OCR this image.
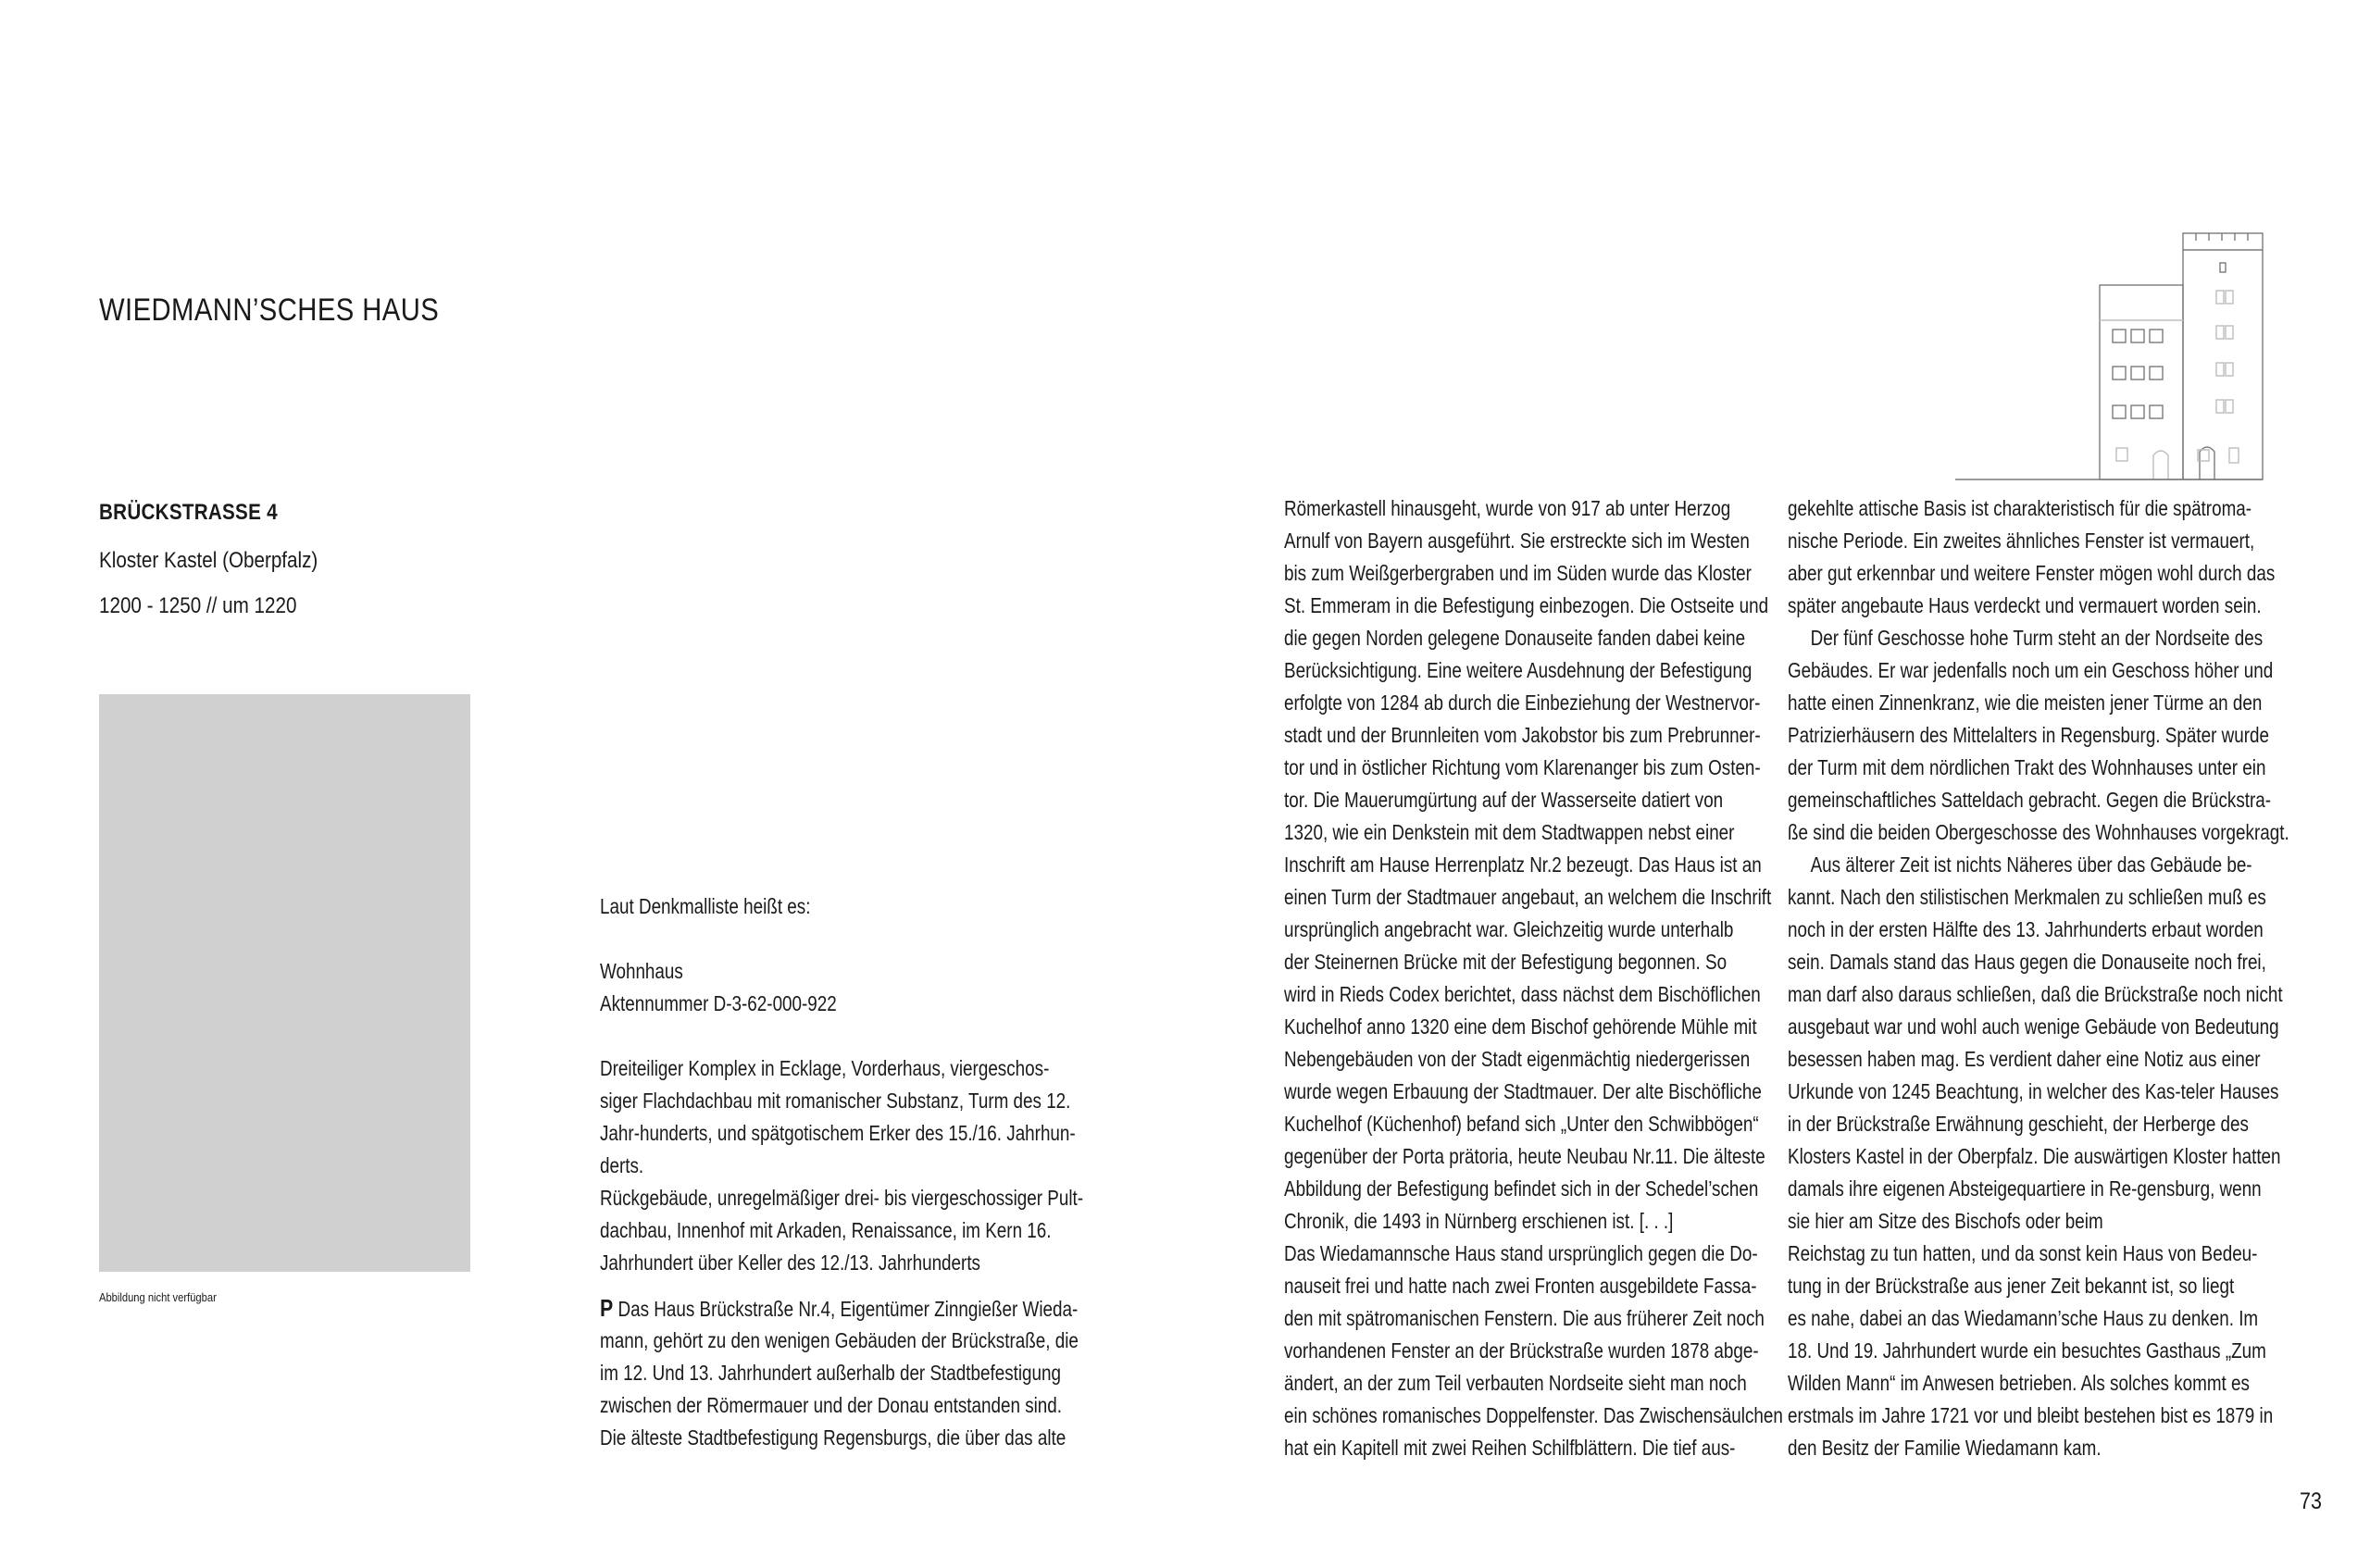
WIEDMANN’SCHES HAUS
BRÜCKSTRASSE 4
Kloster Kastel (Oberpfalz)
1200 - 1250 // um 1220
Abbildung nicht verfügbar
Laut Denkmalliste heißt es:
Wohnhaus
Aktennummer D-3-62-000-922
Dreiteiliger Komplex in Ecklage, Vorderhaus, viergeschos-
siger Flachdachbau mit romanischer Substanz, Turm des 12.
Jahr-hunderts, und spätgotischem Erker des 15./16. Jahrhun-
derts.
Rückgebäude, unregelmäßiger drei- bis viergeschossiger Pult-
dachbau, Innenhof mit Arkaden, Renaissance, im Kern 16.
Jahrhundert über Keller des 12./13. Jahrhunderts
P Das Haus Brückstraße Nr.4, Eigentümer Zinngießer Wieda-
mann, gehört zu den wenigen Gebäuden der Brückstraße, die
im 12. Und 13. Jahrhundert außerhalb der Stadtbefestigung
zwischen der Römermauer und der Donau entstanden sind.
Die älteste Stadtbefestigung Regensburgs, die über das alte
Römerkastell hinausgeht, wurde von 917 ab unter Herzog
Arnulf von Bayern ausgeführt. Sie erstreckte sich im Westen
bis zum Weißgerbergraben und im Süden wurde das Kloster
St. Emmeram in die Befestigung einbezogen. Die Ostseite und
die gegen Norden gelegene Donauseite fanden dabei keine
Berücksichtigung. Eine weitere Ausdehnung der Befestigung
erfolgte von 1284 ab durch die Einbeziehung der Westnervor-
stadt und der Brunnleiten vom Jakobstor bis zum Prebrunner-
tor und in östlicher Richtung vom Klarenanger bis zum Osten-
tor. Die Mauerumgürtung auf der Wasserseite datiert von
1320, wie ein Denkstein mit dem Stadtwappen nebst einer
Inschrift am Hause Herrenplatz Nr.2 bezeugt. Das Haus ist an
einen Turm der Stadtmauer angebaut, an welchem die Inschrift
ursprünglich angebracht war. Gleichzeitig wurde unterhalb
der Steinernen Brücke mit der Befestigung begonnen. So
wird in Rieds Codex berichtet, dass nächst dem Bischöflichen
Kuchelhof anno 1320 eine dem Bischof gehörende Mühle mit
Nebengebäuden von der Stadt eigenmächtig niedergerissen
wurde wegen Erbauung der Stadtmauer. Der alte Bischöfliche
Kuchelhof (Küchenhof) befand sich „Unter den Schwibbögen“
gegenüber der Porta prätoria, heute Neubau Nr.11. Die älteste
Abbildung der Befestigung befindet sich in der Schedel’schen
Chronik, die 1493 in Nürnberg erschienen ist. [. . .]
Das Wiedamannsche Haus stand ursprünglich gegen die Do-
nauseit frei und hatte nach zwei Fronten ausgebildete Fassa-
den mit spätromanischen Fenstern. Die aus früherer Zeit noch
vorhandenen Fenster an der Brückstraße wurden 1878 abge-
ändert, an der zum Teil verbauten Nordseite sieht man noch
ein schönes romanisches Doppelfenster. Das Zwischensäulchen
hat ein Kapitell mit zwei Reihen Schilfblättern. Die tief aus-
gekehlte attische Basis ist charakteristisch für die spätroma-
nische Periode. Ein zweites ähnliches Fenster ist vermauert,
aber gut erkennbar und weitere Fenster mögen wohl durch das
später angebaute Haus verdeckt und vermauert worden sein.
Der fünf Geschosse hohe Turm steht an der Nordseite des
Gebäudes. Er war jedenfalls noch um ein Geschoss höher und
hatte einen Zinnenkranz, wie die meisten jener Türme an den
Patrizierhäusern des Mittelalters in Regensburg. Später wurde
der Turm mit dem nördlichen Trakt des Wohnhauses unter ein
gemeinschaftliches Satteldach gebracht. Gegen die Brückstra-
ße sind die beiden Obergeschosse des Wohnhauses vorgekragt.
Aus älterer Zeit ist nichts Näheres über das Gebäude be-
kannt. Nach den stilistischen Merkmalen zu schließen muß es
noch in der ersten Hälfte des 13. Jahrhunderts erbaut worden
sein. Damals stand das Haus gegen die Donauseite noch frei,
man darf also daraus schließen, daß die Brückstraße noch nicht
ausgebaut war und wohl auch wenige Gebäude von Bedeutung
besessen haben mag. Es verdient daher eine Notiz aus einer
Urkunde von 1245 Beachtung, in welcher des Kas-teler Hauses
in der Brückstraße Erwähnung geschieht, der Herberge des
Klosters Kastel in der Oberpfalz. Die auswärtigen Kloster hatten
damals ihre eigenen Absteigequartiere in Re-gensburg, wenn
sie hier am Sitze des Bischofs oder beim
Reichstag zu tun hatten, und da sonst kein Haus von Bedeu-
tung in der Brückstraße aus jener Zeit bekannt ist, so liegt
es nahe, dabei an das Wiedamann’sche Haus zu denken. Im
18. Und 19. Jahrhundert wurde ein besuchtes Gasthaus „Zum
Wilden Mann“ im Anwesen betrieben. Als solches kommt es
erstmals im Jahre 1721 vor und bleibt bestehen bist es 1879 in
den Besitz der Familie Wiedamann kam.
73
